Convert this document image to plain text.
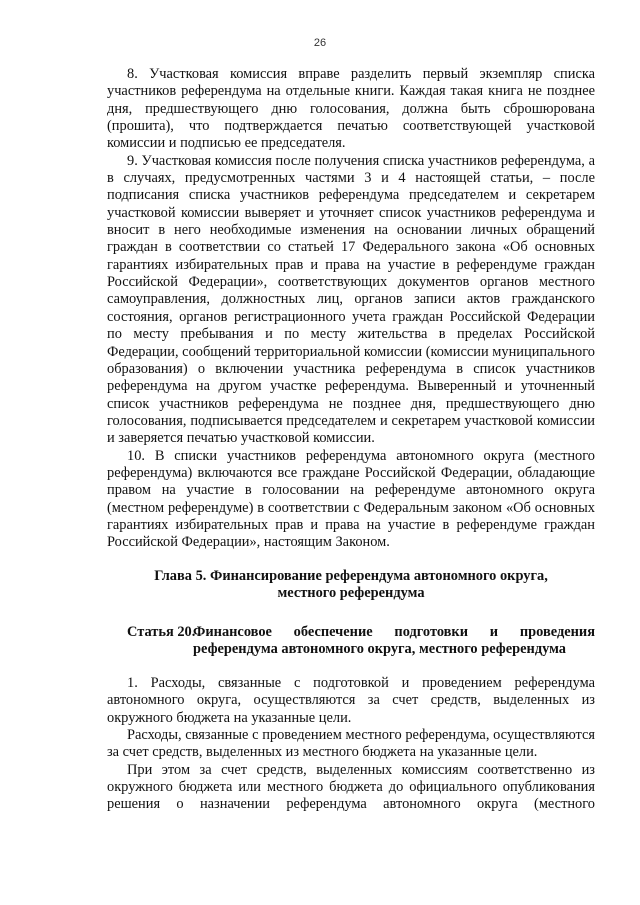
26

8. Участковая комиссия вправе разделить первый экземпляр списка участников референдума на отдельные книги. Каждая такая книга не позднее дня, предшествующего дню голосования, должна быть сброшюрована (прошита), что подтверждается печатью соответствующей участковой комиссии и подписью ее председателя.

9. Участковая комиссия после получения списка участников референдума, а в случаях, предусмотренных частями 3 и 4 настоящей статьи, – после подписания списка участников референдума председателем и секретарем участковой комиссии выверяет и уточняет список участников референдума и вносит в него необходимые изменения на основании личных обращений граждан в соответствии со статьей 17 Федерального закона «Об основных гарантиях избирательных прав и права на участие в референдуме граждан Российской Федерации», соответствующих документов органов местного самоуправления, должностных лиц, органов записи актов гражданского состояния, органов регистрационного учета граждан Российской Федерации по месту пребывания и по месту жительства в пределах Российской Федерации, сообщений территориальной комиссии (комиссии муниципального образования) о включении участника референдума в список участников референдума на другом участке референдума. Выверенный и уточненный список участников референдума не позднее дня, предшествующего дню голосования, подписывается председателем и секретарем участковой комиссии и заверяется печатью участковой комиссии.

10. В списки участников референдума автономного округа (местного референдума) включаются все граждане Российской Федерации, обладающие правом на участие в голосовании на референдуме автономного округа (местном референдуме) в соответствии с Федеральным законом «Об основных гарантиях избирательных прав и права на участие в референдуме граждан Российской Федерации», настоящим Законом.

Глава 5. Финансирование референдума автономного округа,
местного референдума
Статья 20.
Финансовое обеспечение подготовки и проведения референдума автономного округа, местного референдума

1. Расходы, связанные с подготовкой и проведением референдума автономного округа, осуществляются за счет средств, выделенных из окружного бюджета на указанные цели.

Расходы, связанные с проведением местного референдума, осуществляются за счет средств, выделенных из местного бюджета на указанные цели.

При этом за счет средств, выделенных комиссиям соответственно из окружного бюджета или местного бюджета до официального опубликования решения о назначении референдума автономного округа (местного
